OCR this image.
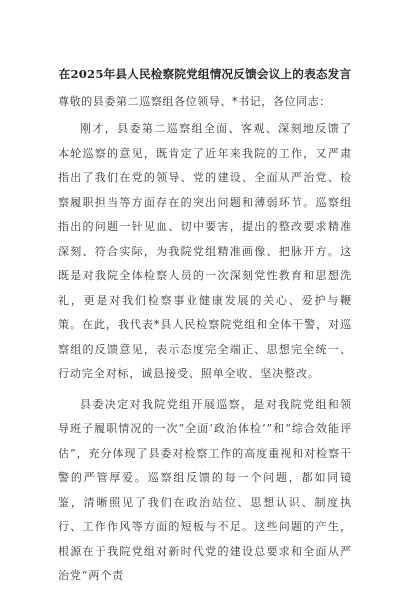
在2025年县人民检察院党组情况反馈会议上的表态发言

尊敬的县委第二巡察组各位领导、*书记，各位同志：

刚才，县委第二巡察组全面、客观、深刻地反馈了本轮巡察的意见，既肯定了近年来我院的工作，又严肃指出了我们在党的领导、党的建设、全面从严治党、检察履职担当等方面存在的突出问题和薄弱环节。巡察组指出的问题一针见血、切中要害，提出的整改要求精准深刻、符合实际，为我院党组精准画像、把脉开方。这既是对我院全体检察人员的一次深刻党性教育和思想洗礼，更是对我们检察事业健康发展的关心、爱护与鞭策。在此，我代表*县人民检察院党组和全体干警，对巡察组的反馈意见，表示态度完全端正、思想完全统一、行动完全对标，诚恳接受、照单全收、坚决整改。

县委决定对我院党组开展巡察，是对我院党组和领导班子履职情况的一次“全面‘政治体检’”和“综合效能评估”，充分体现了县委对检察工作的高度重视和对检察干警的严管厚爱。巡察组反馈的每一个问题，都如同镜鉴，清晰照见了我们在政治站位、思想认识、制度执行、工作作风等方面的短板与不足。这些问题的产生，根源在于我院党组对新时代党的建设总要求和全面从严治党“两个责
